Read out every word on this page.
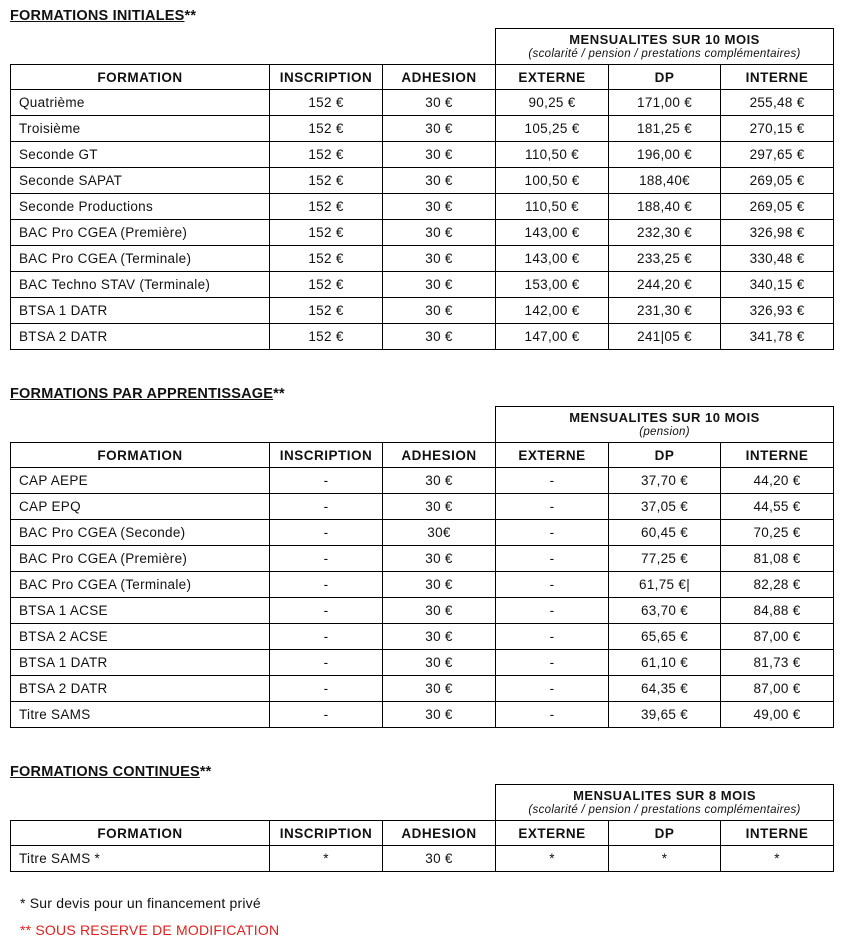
FORMATIONS INITIALES**

			MENSUALITES SUR 10 MOIS
(scolarité / pension / prestations complémentaires)		

FORMATION	INSCRIPTION	ADHESION	EXTERNE	DP	INTERNE
Quatrième	152 €	30 €	90,25 €	171,00 €	255,48 €
Troisième	152 €	30 €	105,25 €	181,25 €	270,15 €
Seconde GT	152 €	30 €	110,50 €	196,00 €	297,65 €
Seconde SAPAT	152 €	30 €	100,50 €	188,40€	269,05 €
Seconde Productions	152 €	30 €	110,50 €	188,40 €	269,05 €
BAC Pro CGEA (Première)	152 €	30 €	143,00 €	232,30 €	326,98 €
BAC Pro CGEA (Terminale)	152 €	30 €	143,00 €	233,25 €	330,48 €
BAC Techno STAV (Terminale)	152 €	30 €	153,00 €	244,20 €	340,15 €
BTSA 1 DATR	152 €	30 €	142,00 €	231,30 €	326,93 €
BTSA 2 DATR	152 €	30 €	147,00 €	241|05 €	341,78 €
FORMATIONS PAR APPRENTISSAGE**

			MENSUALITES SUR 10 MOIS
(pension)		

FORMATION	INSCRIPTION	ADHESION	EXTERNE	DP	INTERNE
CAP AEPE	-	30 €	-	37,70 €	44,20 €
CAP EPQ	-	30 €	-	37,05 €	44,55 €
BAC Pro CGEA (Seconde)	-	30€	-	60,45 €	70,25 €
BAC Pro CGEA (Première)	-	30 €	-	77,25 €	81,08 €
BAC Pro CGEA (Terminale)	-	30 €	-	61,75 €|	82,28 €
BTSA 1 ACSE	-	30 €	-	63,70 €	84,88 €
BTSA 2 ACSE	-	30 €	-	65,65 €	87,00 €
BTSA 1 DATR	-	30 €	-	61,10 €	81,73 €
BTSA 2 DATR	-	30 €	-	64,35 €	87,00 €
Titre SAMS	-	30 €	-	39,65 €	49,00 €
FORMATIONS CONTINUES**

			MENSUALITES SUR 8 MOIS
(scolarité / pension / prestations complémentaires)		

FORMATION	INSCRIPTION	ADHESION	EXTERNE	DP	INTERNE
Titre SAMS *	*	30 €	*	*	*
* Sur devis pour un financement privé
** SOUS RESERVE DE MODIFICATION
